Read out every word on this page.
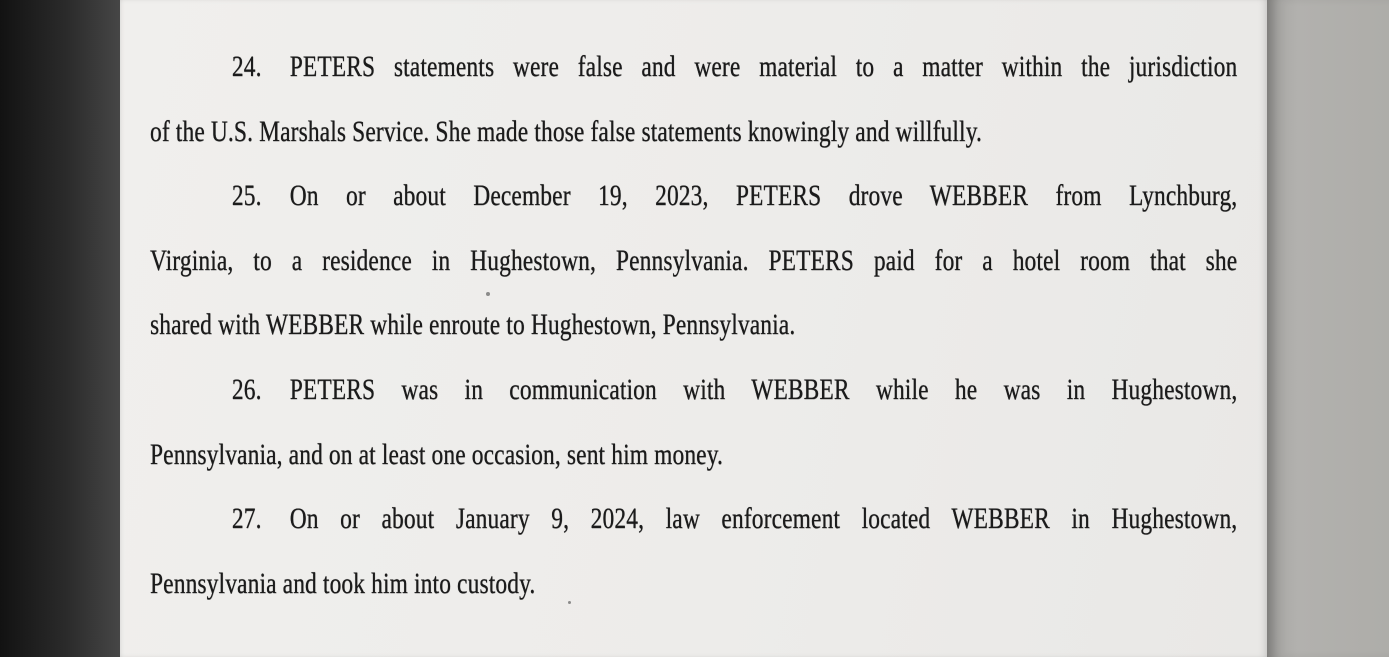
24. PETERS statements were false and were material to a matter within the jurisdiction
of the U.S. Marshals Service. She made those false statements knowingly and willfully.
25. On or about December 19, 2023, PETERS drove WEBBER from Lynchburg,
Virginia, to a residence in Hughestown, Pennsylvania. PETERS paid for a hotel room that she
shared with WEBBER while enroute to Hughestown, Pennsylvania.
26. PETERS was in communication with WEBBER while he was in Hughestown,
Pennsylvania, and on at least one occasion, sent him money.
27. On or about January 9, 2024, law enforcement located WEBBER in Hughestown,
Pennsylvania and took him into custody.
